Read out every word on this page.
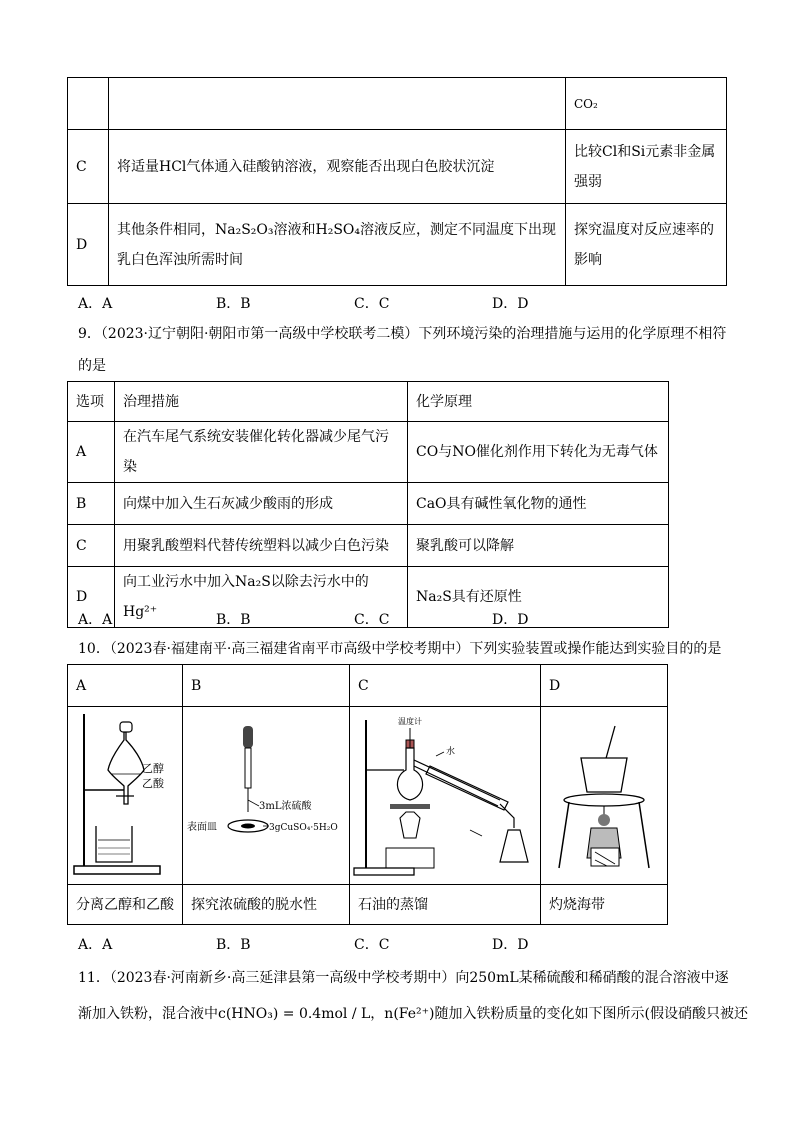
		CO₂
C	将适量HCl气体通入硅酸钠溶液，观察能否出现白色胶状沉淀	比较Cl和Si元素非金属强弱
D	其他条件相同，Na₂S₂O₃溶液和H₂SO₄溶液反应，测定不同温度下出现乳白色浑浊所需时间	探究温度对反应速率的影响
A．A	B．B	C．C	D．D
9．（2023·辽宁朝阳·朝阳市第一高级中学校联考二模）下列环境污染的治理措施与运用的化学原理不相符的是
选项	治理措施	化学原理
A	在汽车尾气系统安装催化转化器减少尾气污染	CO与NO催化剂作用下转化为无毒气体
B	向煤中加入生石灰减少酸雨的形成	CaO具有碱性氧化物的通性
C	用聚乳酸塑料代替传统塑料以减少白色污染	聚乳酸可以降解
D	向工业污水中加入Na₂S以除去污水中的Hg²⁺	Na₂S具有还原性
A．A	B．B	C．C	D．D
10．（2023春·福建南平·高三福建省南平市高级中学校考期中）下列实验装置或操作能达到实验目的的是
A	B	C	D

乙醇
乙酸	3mL浓硫酸
表面皿 3gCuSO₄·5H₂O	温度计
水

分离乙醇和乙酸	探究浓硫酸的脱水性	石油的蒸馏	灼烧海带
A．A	B．B	C．C	D．D
11．（2023春·河南新乡·高三延津县第一高级中学校考期中）向250mL某稀硫酸和稀硝酸的混合溶液中逐
渐加入铁粉，混合液中c(HNO₃) = 0.4mol / L，n(Fe²⁺)随加入铁粉质量的变化如下图所示(假设硝酸只被还
